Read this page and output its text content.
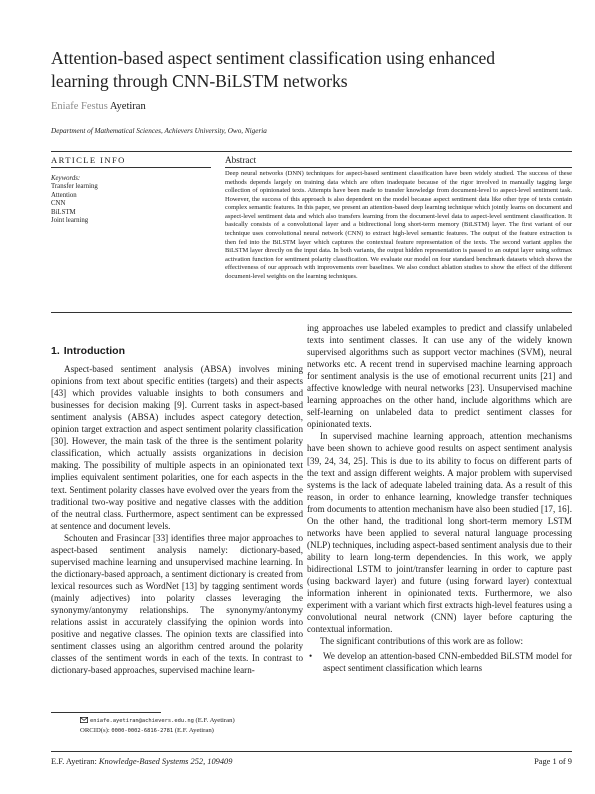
Attention-based aspect sentiment classification using enhanced learning through CNN-BiLSTM networks
Eniafe Festus Ayetiran
Department of Mathematical Sciences, Achievers University, Owo, Nigeria
ARTICLE INFO	Abstract
Keywords:
Transfer learning
Attention
CNN
BiLSTM
Joint learning
Deep neural networks (DNN) techniques for aspect-based sentiment classification have been widely studied. The success of these methods depends largely on training data which are often inadequate because of the rigor involved in manually tagging large collection of opinionated texts. Attempts have been made to transfer knowledge from document-level to aspect-level sentiment task. However, the success of this approach is also dependent on the model because aspect sentiment data like other type of texts contain complex semantic features. In this paper, we present an attention-based deep learning technique which jointly learns on document and aspect-level sentiment data and which also transfers learning from the document-level data to aspect-level sentiment classification. It basically consists of a convolutional layer and a bidirectional long short-term memory (BiLSTM) layer. The first variant of our technique uses convolutional neural network (CNN) to extract high-level semantic features. The output of the feature extraction is then fed into the BiLSTM layer which captures the contextual feature representation of the texts. The second variant applies the BiLSTM layer directly on the input data. In both variants, the output hidden representation is passed to an output layer using softmax activation function for sentiment polarity classification. We evaluate our model on four standard benchmark datasets which shows the effectiveness of our approach with improvements over baselines. We also conduct ablation studies to show the effect of the different document-level weights on the learning techniques.
1. Introduction

Aspect-based sentiment analysis (ABSA) involves mining opinions from text about specific entities (targets) and their aspects [43] which provides valuable insights to both consumers and businesses for decision making [9]. Current tasks in aspect-based sentiment analysis (ABSA) includes aspect category detection, opinion target extraction and aspect sentiment polarity classification [30]. However, the main task of the three is the sentiment polarity classification, which actually assists organizations in decision making. The possibility of multiple aspects in an opinionated text implies equivalent sentiment polarities, one for each aspects in the text. Sentiment polarity classes have evolved over the years from the traditional two-way positive and negative classes with the addition of the neutral class. Furthermore, aspect sentiment can be expressed at sentence and document levels.

Schouten and Frasincar [33] identifies three major approaches to aspect-based sentiment analysis namely: dictionary-based, supervised machine learning and unsupervised machine learning. In the dictionary-based approach, a sentiment dictionary is created from lexical resources such as WordNet [13] by tagging sentiment words (mainly adjectives) into polarity classes leveraging the synonymy/antonymy relationships. The synonymy/antonymy relations assist in accurately classifying the opinion words into positive and negative classes. The opinion texts are classified into sentiment classes using an algorithm centred around the polarity classes of the sentiment words in each of the texts. In contrast to dictionary-based approaches, supervised machine learn-

ing approaches use labeled examples to predict and classify unlabeled texts into sentiment classes. It can use any of the widely known supervised algorithms such as support vector machines (SVM), neural networks etc. A recent trend in supervised machine learning approach for sentiment analysis is the use of emotional recurrent units [21] and affective knowledge with neural networks [23]. Unsupervised machine learning approaches on the other hand, include algorithms which are self-learning on unlabeled data to predict sentiment classes for opinionated texts.

In supervised machine learning approach, attention mechanisms have been shown to achieve good results on aspect sentiment analysis [39, 24, 34, 25]. This is due to its ability to focus on different parts of the text and assign different weights. A major problem with supervised systems is the lack of adequate labeled training data. As a result of this reason, in order to enhance learning, knowledge transfer techniques from documents to attention mechanism have also been studied [17, 16]. On the other hand, the traditional long short-term memory LSTM networks have been applied to several natural language processing (NLP) techniques, including aspect-based sentiment analysis due to their ability to learn long-term dependencies. In this work, we apply bidirectional LSTM to joint/transfer learning in order to capture past (using backward layer) and future (using forward layer) contextual information inherent in opinionated texts. Furthermore, we also experiment with a variant which first extracts high-level features using a convolutional neural network (CNN) layer before capturing the contextual information.

The significant contributions of this work are as follow:

•	We develop an attention-based CNN-embedded BiLSTM model for aspect sentiment classification which learns
eniafe.ayetiran@achievers.edu.ng (E.F. Ayetiran)
ORCID(s): 0000-0002-6816-2781 (E.F. Ayetiran)
E.F. Ayetiran: Knowledge-Based Systems 252, 109409	Page 1 of 9
